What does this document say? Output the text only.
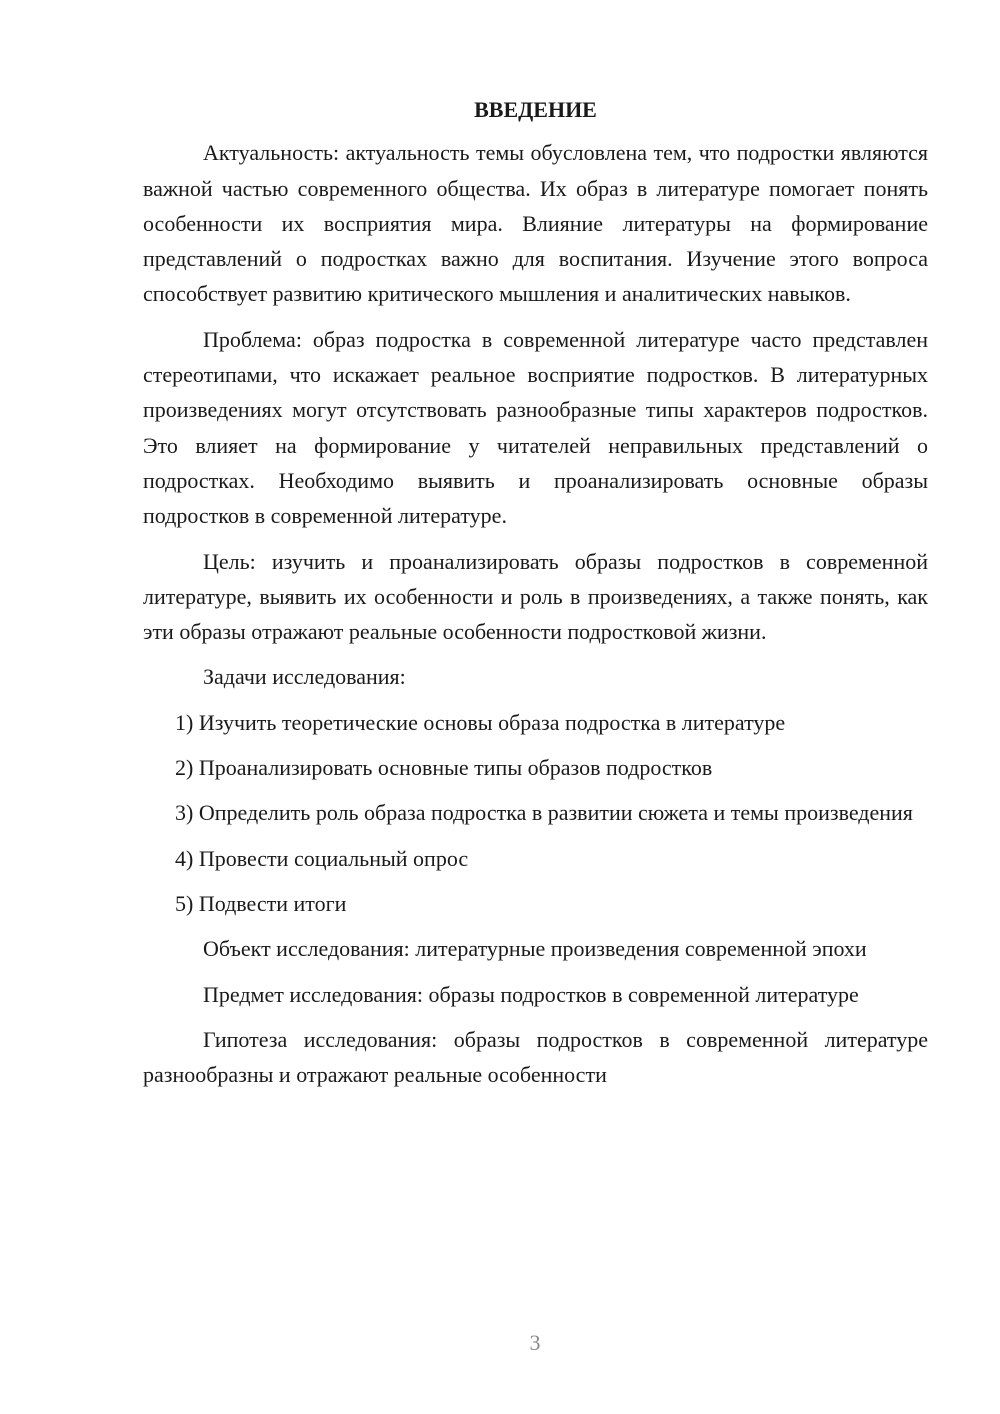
ВВЕДЕНИЕ

Актуальность: актуальность темы обусловлена тем, что подростки являются важной частью современного общества. Их образ в литературе помогает понять особенности их восприятия мира. Влияние литературы на формирование представлений о подростках важно для воспитания. Изучение этого вопроса способствует развитию критического мышления и аналитических навыков.

Проблема: образ подростка в современной литературе часто представлен стереотипами, что искажает реальное восприятие подростков. В литературных произведениях могут отсутствовать разнообразные типы характеров подростков. Это влияет на формирование у читателей неправильных представлений о подростках. Необходимо выявить и проанализировать основные образы подростков в современной литературе.

Цель: изучить и проанализировать образы подростков в современной литературе, выявить их особенности и роль в произведениях, а также понять, как эти образы отражают реальные особенности подростковой жизни.

Задачи исследования:

1) Изучить теоретические основы образа подростка в литературе

2) Проанализировать основные типы образов подростков

3) Определить роль образа подростка в развитии сюжета и темы произведения

4) Провести социальный опрос

5) Подвести итоги

Объект исследования: литературные произведения современной эпохи

Предмет исследования: образы подростков в современной литературе

Гипотеза исследования: образы подростков в современной литературе разнообразны и отражают реальные особенности

3
